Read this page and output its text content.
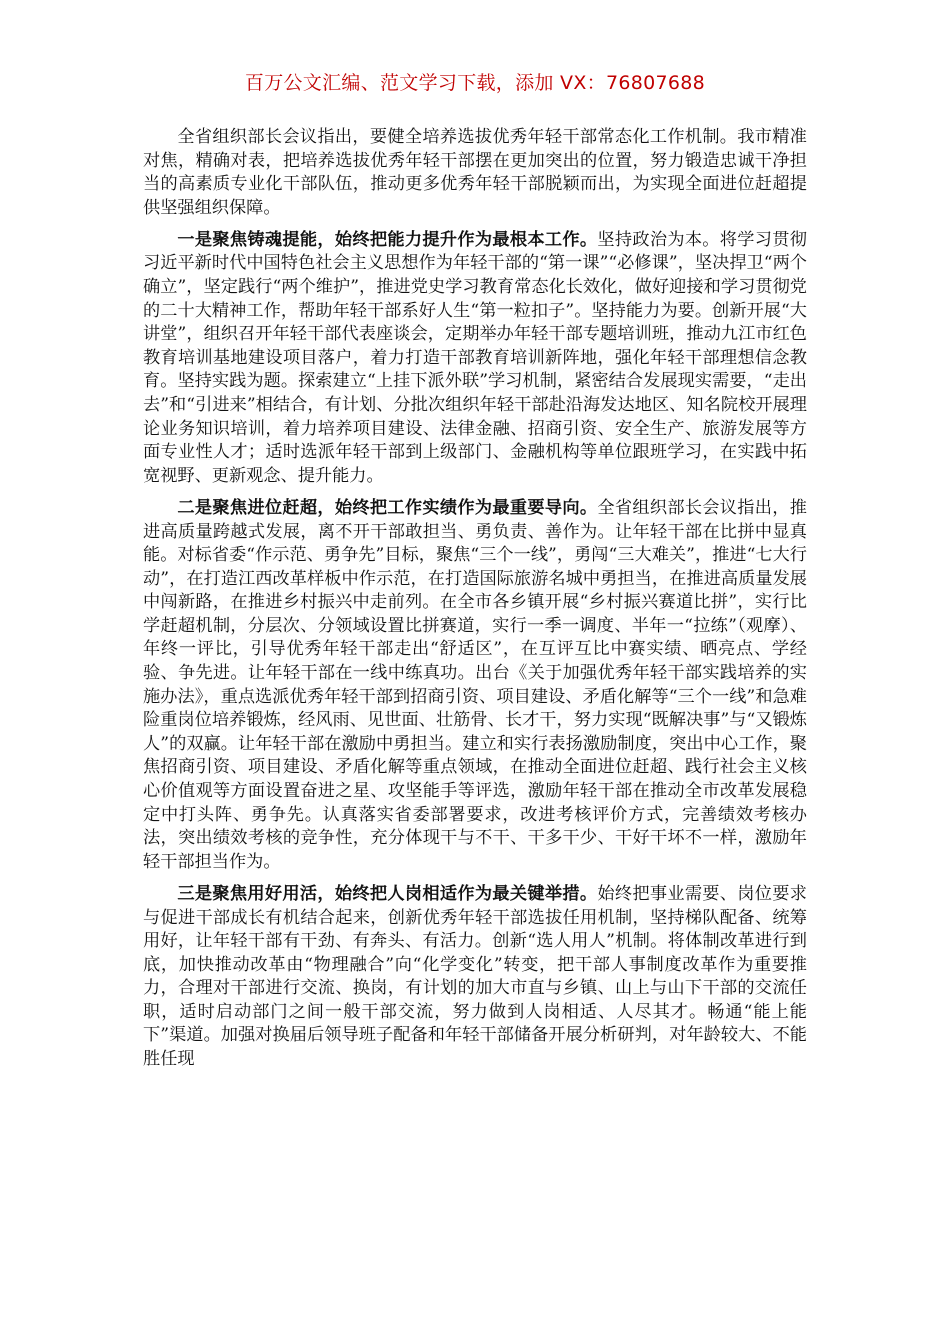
百万公文汇编、范文学习下载，添加 VX：76807688

全省组织部长会议指出，要健全培养选拔优秀年轻干部常态化工作机制。我市精准对焦，精确对表，把培养选拔优秀年轻干部摆在更加突出的位置，努力锻造忠诚干净担当的高素质专业化干部队伍，推动更多优秀年轻干部脱颖而出，为实现全面进位赶超提供坚强组织保障。

一是聚焦铸魂提能，始终把能力提升作为最根本工作。坚持政治为本。将学习贯彻习近平新时代中国特色社会主义思想作为年轻干部的“第一课”“必修课”，坚决捍卫“两个确立”，坚定践行“两个维护”，推进党史学习教育常态化长效化，做好迎接和学习贯彻党的二十大精神工作，帮助年轻干部系好人生“第一粒扣子”。坚持能力为要。创新开展“大讲堂”，组织召开年轻干部代表座谈会，定期举办年轻干部专题培训班，推动九江市红色教育培训基地建设项目落户，着力打造干部教育培训新阵地，强化年轻干部理想信念教育。坚持实践为题。探索建立“上挂下派外联”学习机制，紧密结合发展现实需要，“走出去”和“引进来”相结合，有计划、分批次组织年轻干部赴沿海发达地区、知名院校开展理论业务知识培训，着力培养项目建设、法律金融、招商引资、安全生产、旅游发展等方面专业性人才；适时选派年轻干部到上级部门、金融机构等单位跟班学习，在实践中拓宽视野、更新观念、提升能力。

二是聚焦进位赶超，始终把工作实绩作为最重要导向。全省组织部长会议指出，推进高质量跨越式发展，离不开干部敢担当、勇负责、善作为。让年轻干部在比拼中显真能。对标省委“作示范、勇争先”目标，聚焦“三个一线”，勇闯“三大难关”，推进“七大行动”，在打造江西改革样板中作示范，在打造国际旅游名城中勇担当，在推进高质量发展中闯新路，在推进乡村振兴中走前列。在全市各乡镇开展“乡村振兴赛道比拼”，实行比学赶超机制，分层次、分领域设置比拼赛道，实行一季一调度、半年一“拉练”（观摩）、年终一评比，引导优秀年轻干部走出“舒适区”，在互评互比中赛实绩、晒亮点、学经验、争先进。让年轻干部在一线中练真功。出台《关于加强优秀年轻干部实践培养的实施办法》，重点选派优秀年轻干部到招商引资、项目建设、矛盾化解等“三个一线”和急难险重岗位培养锻炼，经风雨、见世面、壮筋骨、长才干，努力实现“既解决事”与“又锻炼人”的双赢。让年轻干部在激励中勇担当。建立和实行表扬激励制度，突出中心工作，聚焦招商引资、项目建设、矛盾化解等重点领域，在推动全面进位赶超、践行社会主义核心价值观等方面设置奋进之星、攻坚能手等评选，激励年轻干部在推动全市改革发展稳定中打头阵、勇争先。认真落实省委部署要求，改进考核评价方式，完善绩效考核办法，突出绩效考核的竞争性，充分体现干与不干、干多干少、干好干坏不一样，激励年轻干部担当作为。

三是聚焦用好用活，始终把人岗相适作为最关键举措。始终把事业需要、岗位要求与促进干部成长有机结合起来，创新优秀年轻干部选拔任用机制，坚持梯队配备、统筹用好，让年轻干部有干劲、有奔头、有活力。创新“选人用人”机制。将体制改革进行到底，加快推动改革由“物理融合”向“化学变化”转变，把干部人事制度改革作为重要推力，合理对干部进行交流、换岗，有计划的加大市直与乡镇、山上与山下干部的交流任职，适时启动部门之间一般干部交流，努力做到人岗相适、人尽其才。畅通“能上能下”渠道。加强对换届后领导班子配备和年轻干部储备开展分析研判，对年龄较大、不能胜任现
